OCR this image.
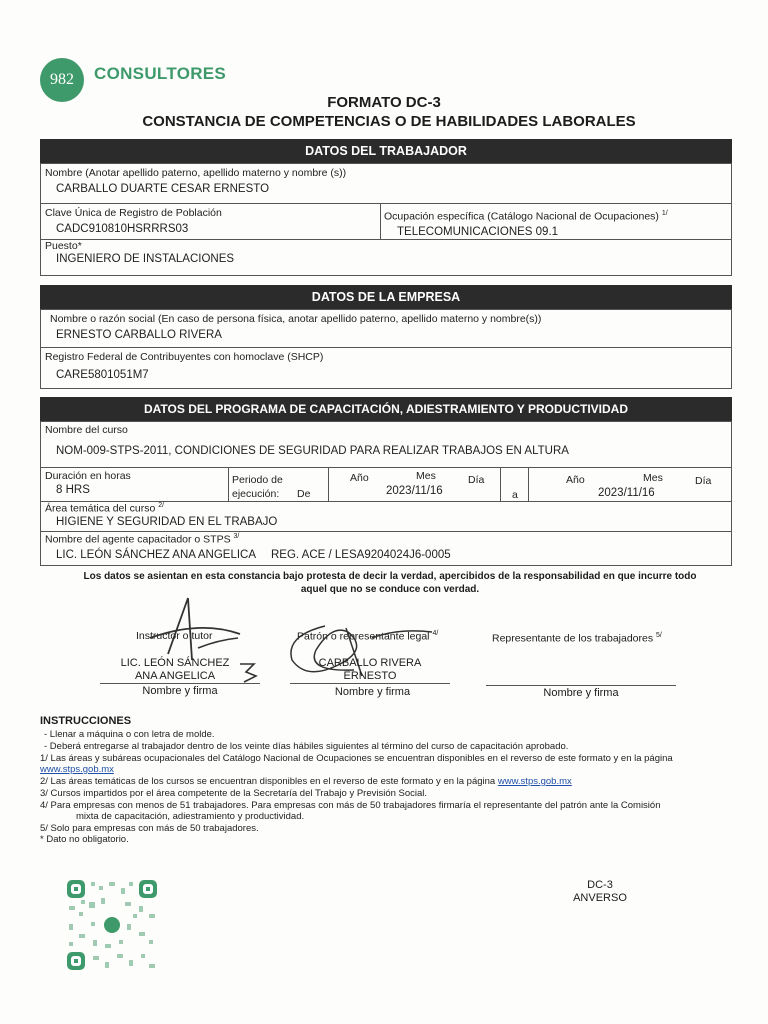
982	CONSULTORES
FORMATO DC-3
CONSTANCIA DE COMPETENCIAS O DE HABILIDADES LABORALES
DATOS DEL TRABAJADOR
Nombre (Anotar apellido paterno, apellido materno y nombre (s))
CARBALLO DUARTE CESAR ERNESTO
Clave Única de Registro de Población
CADC910810HSRRRS03
Ocupación específica (Catálogo Nacional de Ocupaciones) $^{1/}$
TELECOMUNICACIONES 09.1
Puesto*
INGENIERO DE INSTALACIONES
DATOS DE LA EMPRESA
Nombre o razón social (En caso de persona física, anotar apellido paterno, apellido materno y nombre(s))
ERNESTO CARBALLO RIVERA
Registro Federal de Contribuyentes con homoclave (SHCP)
CARE5801051M7
DATOS DEL PROGRAMA DE CAPACITACIÓN, ADIESTRAMIENTO Y PRODUCTIVIDAD
Nombre del curso
NOM-009-STPS-2011, CONDICIONES DE SEGURIDAD PARA REALIZAR TRABAJOS EN ALTURA
Duración en horas
8 HRS
Periodo de
ejecución: De
Año	Mes	Día
2023/11/16	a
Año	Mes	Día
2023/11/16
Área temática del curso $^{2/}$
HIGIENE Y SEGURIDAD EN EL TRABAJO
Nombre del agente capacitador o STPS $^{3/}$
LIC. LEÓN SÁNCHEZ ANA ANGELICA REG. ACE / LESA9204024J6-0005
Los datos se asientan en esta constancia bajo protesta de decir la verdad, apercibidos de la responsabilidad en que incurre todo aquel que no se conduce con verdad.
Instructor o tutor	Patrón o representante legal $^{4/}$	Representante de los trabajadores $^{5/}$
LIC. LEÓN SÁNCHEZ
ANA ANGELICA
CARBALLO RIVERA
ERNESTO
Nombre y firma	Nombre y firma	Nombre y firma
INSTRUCCIONES
- Llenar a máquina o con letra de molde.
- Deberá entregarse al trabajador dentro de los veinte días hábiles siguientes al término del curso de capacitación aprobado.
1/ Las áreas y subáreas ocupacionales del Catálogo Nacional de Ocupaciones se encuentran disponibles en el reverso de este formato y en la página
www.stps.gob.mx
2/ Las áreas temáticas de los cursos se encuentran disponibles en el reverso de este formato y en la página www.stps.gob.mx
3/ Cursos impartidos por el área competente de la Secretaría del Trabajo y Previsión Social.
4/ Para empresas con menos de 51 trabajadores. Para empresas con más de 50 trabajadores firmaría el representante del patrón ante la Comisión
mixta de capacitación, adiestramiento y productividad.
5/ Solo para empresas con más de 50 trabajadores.
* Dato no obligatorio.
DC-3
ANVERSO
